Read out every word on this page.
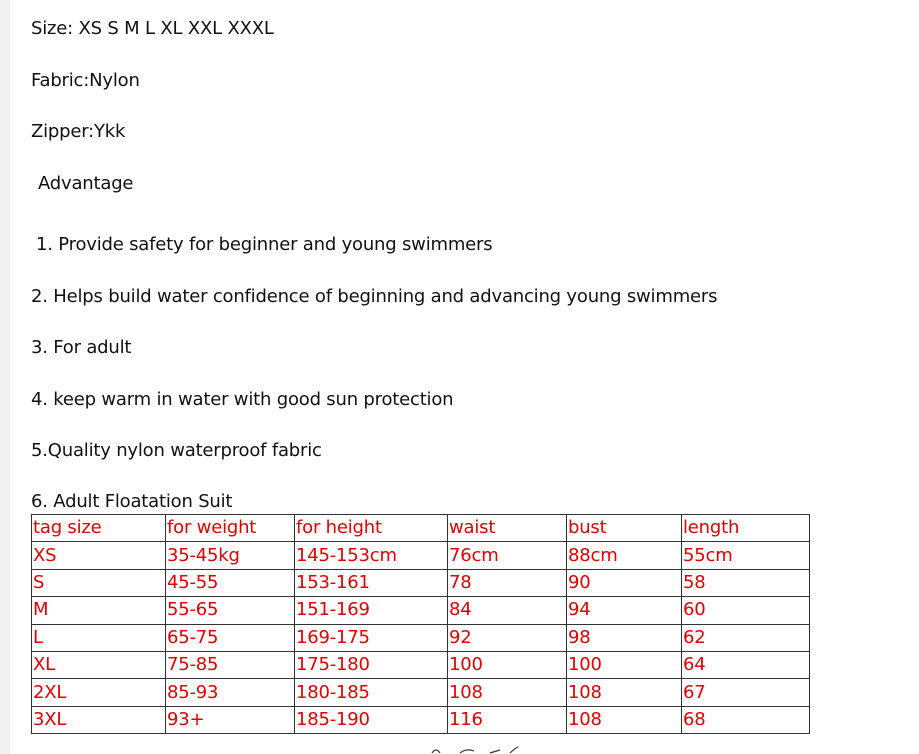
Size: XS S M L XL XXL XXXL
Fabric:Nylon
Zipper:Ykk
Advantage
1. Provide safety for beginner and young swimmers
2. Helps build water confidence of beginning and advancing young swimmers
3. For adult
4. keep warm in water with good sun protection
5.Quality nylon waterproof fabric
6. Adult Floatation Suit
tag size	for weight	for height	waist	bust	length
XS	35-45kg	145-153cm	76cm	88cm	55cm
S	45-55	153-161	78	90	58
M	55-65	151-169	84	94	60
L	65-75	169-175	92	98	62
XL	75-85	175-180	100	100	64
2XL	85-93	180-185	108	108	67
3XL	93+	185-190	116	108	68
